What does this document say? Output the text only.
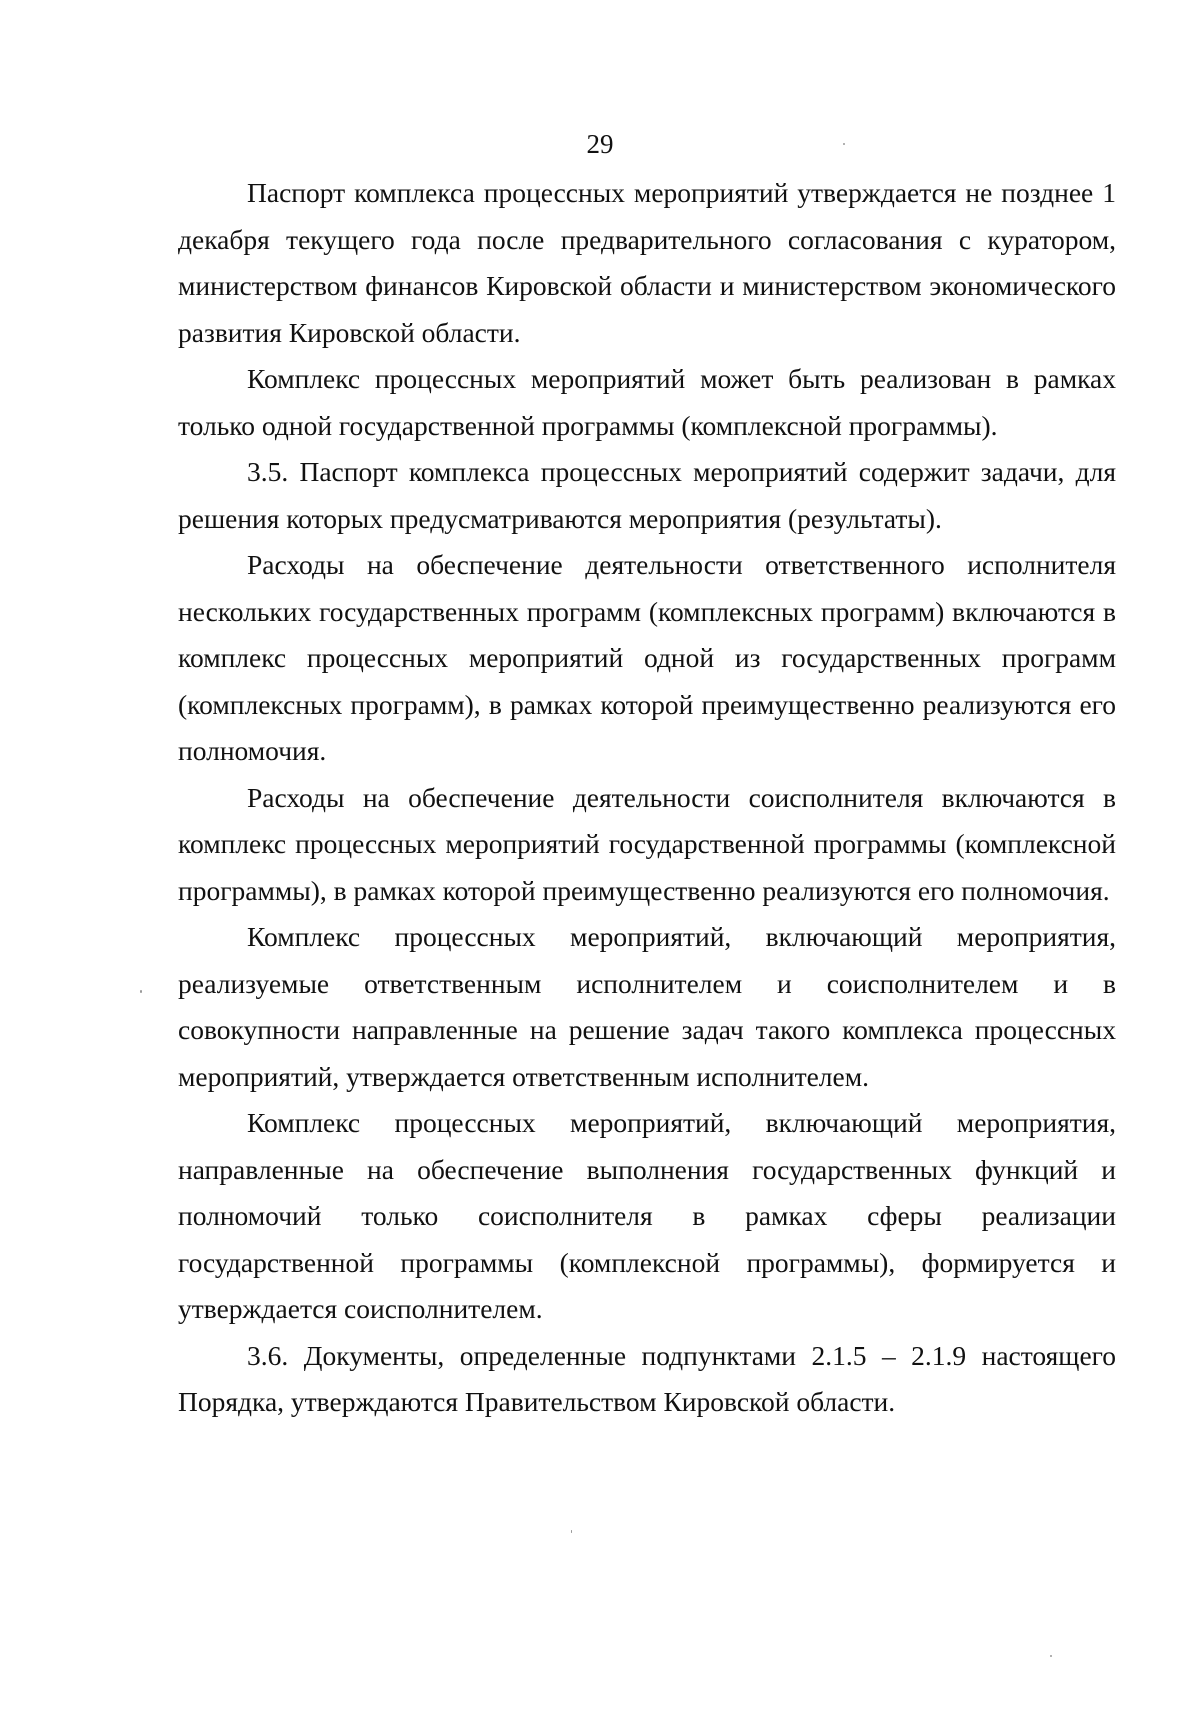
29

Паспорт комплекса процессных мероприятий утверждается не позднее 1 декабря текущего года после предварительного согласования с куратором, министерством финансов Кировской области и министерством экономического развития Кировской области.

Комплекс процессных мероприятий может быть реализован в рамках только одной государственной программы (комплексной программы).

3.5. Паспорт комплекса процессных мероприятий содержит задачи, для решения которых предусматриваются мероприятия (результаты).

Расходы на обеспечение деятельности ответственного исполнителя нескольких государственных программ (комплексных программ) включаются в комплекс процессных мероприятий одной из государственных программ (комплексных программ), в рамках которой преимущественно реализуются его полномочия.

Расходы на обеспечение деятельности соисполнителя включаются в комплекс процессных мероприятий государственной программы (комплексной программы), в рамках которой преимущественно реализуются его полномочия.

Комплекс процессных мероприятий, включающий мероприятия, реализуемые ответственным исполнителем и соисполнителем и в совокупности направленные на решение задач такого комплекса процессных мероприятий, утверждается ответственным исполнителем.

Комплекс процессных мероприятий, включающий мероприятия, направленные на обеспечение выполнения государственных функций и полномочий только соисполнителя в рамках сферы реализации государственной программы (комплексной программы), формируется и утверждается соисполнителем.

3.6. Документы, определенные подпунктами 2.1.5 – 2.1.9 настоящего Порядка, утверждаются Правительством Кировской области.
